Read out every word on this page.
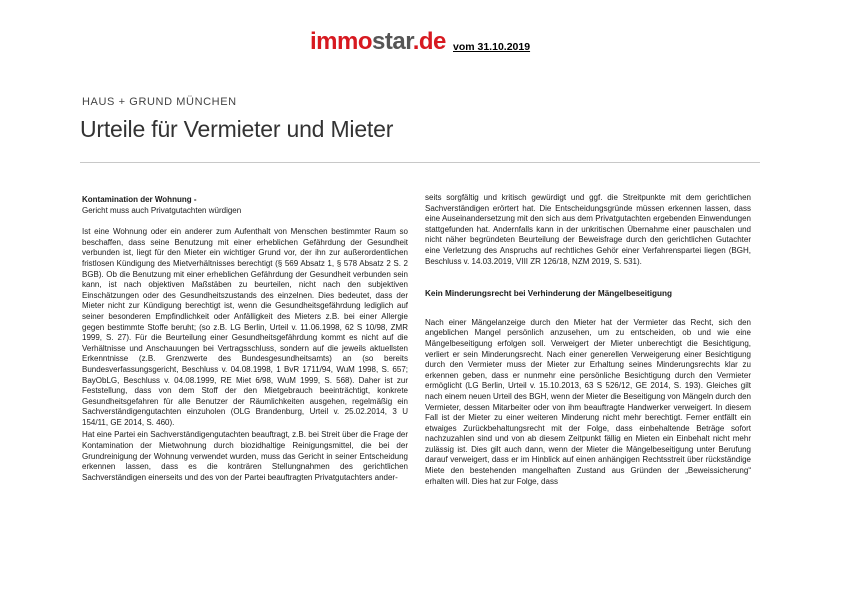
immostar.de vom 31.10.2019
HAUS + GRUND MÜNCHEN
Urteile für Vermieter und Mieter

Kontamination der Wohnung -

Gericht muss auch Privatgutachten würdigen

Ist eine Wohnung oder ein anderer zum Aufenthalt von Menschen bestimmter Raum so beschaffen, dass seine Benutzung mit einer erheblichen Gefährdung der Gesundheit verbunden ist, liegt für den Mieter ein wichtiger Grund vor, der ihn zur außerordentlichen fristlosen Kündigung des Mietverhältnisses berechtigt (§ 569 Absatz 1, § 578 Absatz 2 S. 2 BGB). Ob die Benutzung mit einer erheblichen Gefährdung der Gesundheit verbunden sein kann, ist nach objektiven Maßstäben zu beurteilen, nicht nach den subjektiven Einschätzungen oder des Gesundheitszustands des einzelnen. Dies bedeutet, dass der Mieter nicht zur Kündigung berechtigt ist, wenn die Gesundheitsgefährdung lediglich auf seiner besonderen Empfindlichkeit oder Anfälligkeit des Mieters z.B. bei einer Allergie gegen bestimmte Stoffe beruht; (so z.B. LG Berlin, Urteil v. 11.06.1998, 62 S 10/98, ZMR 1999, S. 27). Für die Beurteilung einer Gesundheitsgefährdung kommt es nicht auf die Verhältnisse und Anschauungen bei Vertragsschluss, sondern auf die jeweils aktuellsten Erkenntnisse (z.B. Grenzwerte des Bundesgesundheitsamts) an (so bereits Bundesverfassungsgericht, Beschluss v. 04.08.1998, 1 BvR 1711/94, WuM 1998, S. 657; BayObLG, Beschluss v. 04.08.1999, RE Miet 6/98, WuM 1999, S. 568). Daher ist zur Feststellung, dass von dem Stoff der den Mietgebrauch beeinträchtigt, konkrete Gesundheitsgefahren für alle Benutzer der Räumlichkeiten ausgehen, regelmäßig ein Sachverständigengutachten einzuholen (OLG Brandenburg, Urteil v. 25.02.2014, 3 U 154/11, GE 2014, S. 460).

Hat eine Partei ein Sachverständigengutachten beauftragt, z.B. bei Streit über die Frage der Kontamination der Mietwohnung durch biozidhaltige Reinigungsmittel, die bei der Grundreinigung der Wohnung verwendet wurden, muss das Gericht in seiner Entscheidung erkennen lassen, dass es die konträren Stellungnahmen des gerichtlichen Sachverständigen einerseits und des von der Partei beauftragten Privatgutachters ander-

seits sorgfältig und kritisch gewürdigt und ggf. die Streitpunkte mit dem gerichtlichen Sachverständigen erörtert hat. Die Entscheidungsgründe müssen erkennen lassen, dass eine Auseinandersetzung mit den sich aus dem Privatgutachten ergebenden Einwendungen stattgefunden hat. Andernfalls kann in der unkritischen Übernahme einer pauschalen und nicht näher begründeten Beurteilung der Beweisfrage durch den gerichtlichen Gutachter eine Verletzung des Anspruchs auf rechtliches Gehör einer Verfahrenspartei liegen (BGH, Beschluss v. 14.03.2019, VIII ZR 126/18, NZM 2019, S. 531).

Kein Minderungsrecht bei Verhinderung der Mängelbeseitigung

Nach einer Mängelanzeige durch den Mieter hat der Vermieter das Recht, sich den angeblichen Mangel persönlich anzusehen, um zu entscheiden, ob und wie eine Mängelbeseitigung erfolgen soll. Verweigert der Mieter unberechtigt die Besichtigung, verliert er sein Minderungsrecht. Nach einer generellen Verweigerung einer Besichtigung durch den Vermieter muss der Mieter zur Erhaltung seines Minderungsrechts klar zu erkennen geben, dass er nunmehr eine persönliche Besichtigung durch den Vermieter ermöglicht (LG Berlin, Urteil v. 15.10.2013, 63 S 526/12, GE 2014, S. 193). Gleiches gilt nach einem neuen Urteil des BGH, wenn der Mieter die Beseitigung von Mängeln durch den Vermieter, dessen Mitarbeiter oder von ihm beauftragte Handwerker verweigert. In diesem Fall ist der Mieter zu einer weiteren Minderung nicht mehr berechtigt. Ferner entfällt ein etwaiges Zurückbehaltungsrecht mit der Folge, dass einbehaltende Beträge sofort nachzuzahlen sind und von ab diesem Zeitpunkt fällig en Mieten ein Einbehalt nicht mehr zulässig ist. Dies gilt auch dann, wenn der Mieter die Mängelbeseitigung unter Berufung darauf verweigert, dass er im Hinblick auf einen anhängigen Rechtsstreit über rückständige Miete den bestehenden mangelhaften Zustand aus Gründen der „Beweissicherung“ erhalten will. Dies hat zur Folge, dass
